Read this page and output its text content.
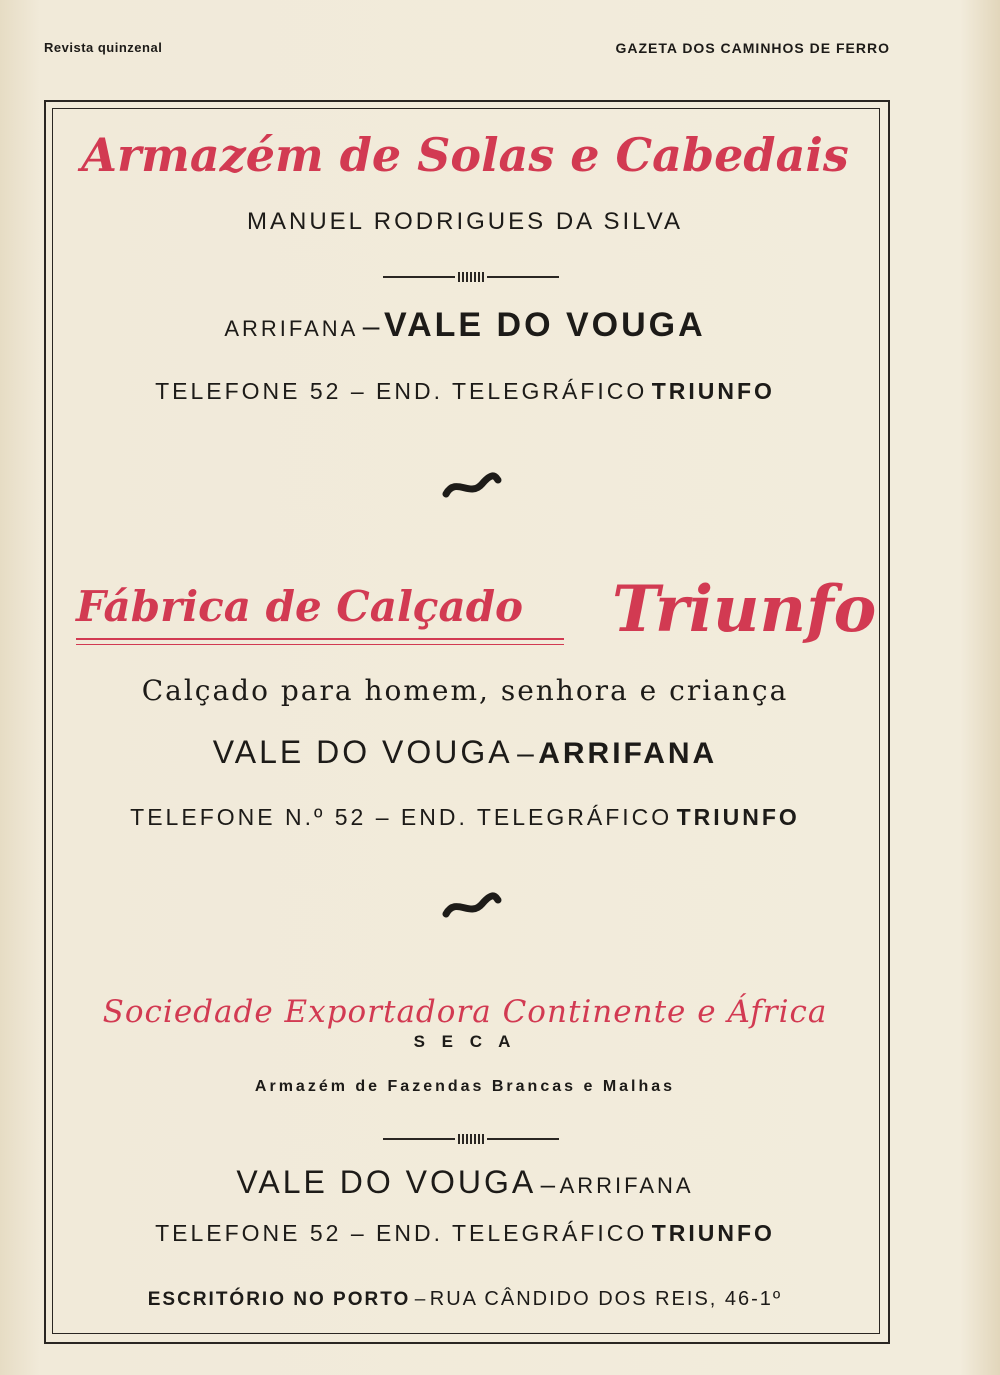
Revista quinzenal	GAZETA DOS CAMINHOS DE FERRO
Armazém de Solas e Cabedais
MANUEL RODRIGUES DA SILVA
ARRIFANA – VALE DO VOUGA
TELEFONE 52 – END. TELEGRÁFICO TRIUNFO
Fábrica de Calçado Triunfo
Calçado para homem, senhora e criança
VALE DO VOUGA – ARRIFANA
TELEFONE N.º 52 – END. TELEGRÁFICO TRIUNFO
Sociedade Exportadora Continente e África
S E C A
Armazém de Fazendas Brancas e Malhas
VALE DO VOUGA – ARRIFANA
TELEFONE 52 – END. TELEGRÁFICO TRIUNFO
ESCRITÓRIO NO PORTO – RUA CÂNDIDO DOS REIS, 46-1º
